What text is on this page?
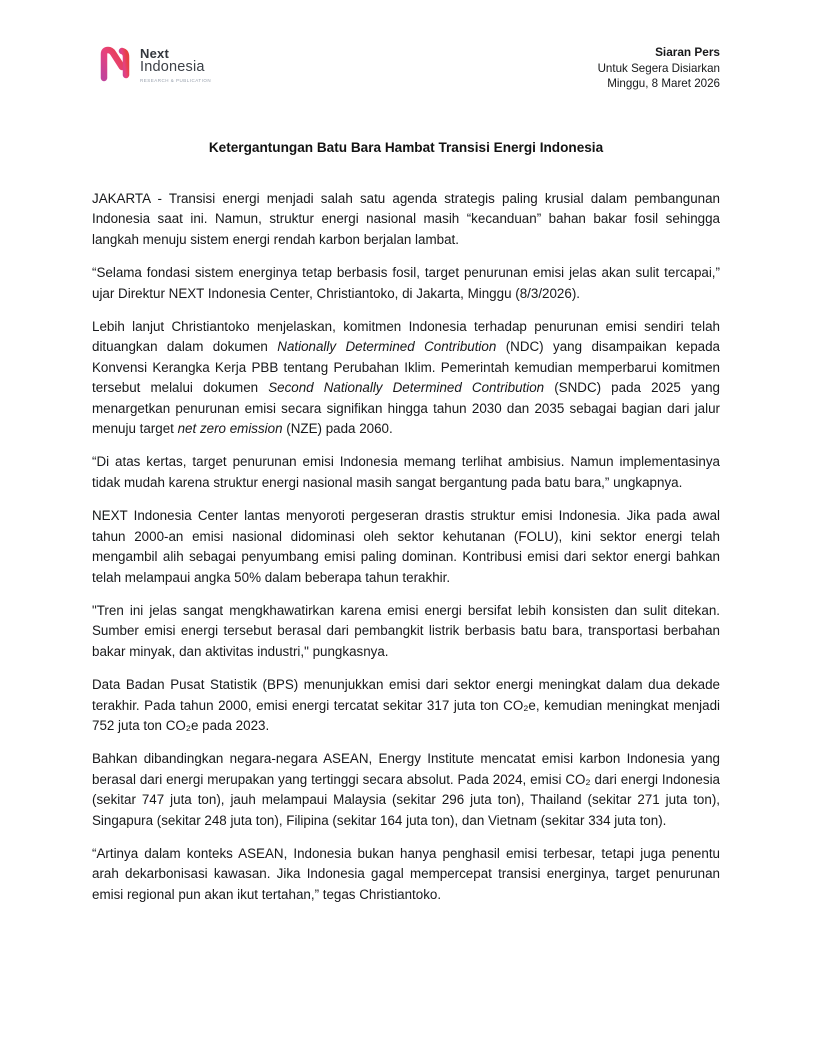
Next
Indonesia
RESEARCH & PUBLICATION
Siaran Pers
Untuk Segera Disiarkan
Minggu, 8 Maret 2026
Ketergantungan Batu Bara Hambat Transisi Energi Indonesia

JAKARTA - Transisi energi menjadi salah satu agenda strategis paling krusial dalam pembangunan Indonesia saat ini. Namun, struktur energi nasional masih “kecanduan” bahan bakar fosil sehingga langkah menuju sistem energi rendah karbon berjalan lambat.

“Selama fondasi sistem energinya tetap berbasis fosil, target penurunan emisi jelas akan sulit tercapai,” ujar Direktur NEXT Indonesia Center, Christiantoko, di Jakarta, Minggu (8/3/2026).

Lebih lanjut Christiantoko menjelaskan, komitmen Indonesia terhadap penurunan emisi sendiri telah dituangkan dalam dokumen Nationally Determined Contribution (NDC) yang disampaikan kepada Konvensi Kerangka Kerja PBB tentang Perubahan Iklim. Pemerintah kemudian memperbarui komitmen tersebut melalui dokumen Second Nationally Determined Contribution (SNDC) pada 2025 yang menargetkan penurunan emisi secara signifikan hingga tahun 2030 dan 2035 sebagai bagian dari jalur menuju target net zero emission (NZE) pada 2060.

“Di atas kertas, target penurunan emisi Indonesia memang terlihat ambisius. Namun implementasinya tidak mudah karena struktur energi nasional masih sangat bergantung pada batu bara,” ungkapnya.

NEXT Indonesia Center lantas menyoroti pergeseran drastis struktur emisi Indonesia. Jika pada awal tahun 2000-an emisi nasional didominasi oleh sektor kehutanan (FOLU), kini sektor energi telah mengambil alih sebagai penyumbang emisi paling dominan. Kontribusi emisi dari sektor energi bahkan telah melampaui angka 50% dalam beberapa tahun terakhir.

"Tren ini jelas sangat mengkhawatirkan karena emisi energi bersifat lebih konsisten dan sulit ditekan. Sumber emisi energi tersebut berasal dari pembangkit listrik berbasis batu bara, transportasi berbahan bakar minyak, dan aktivitas industri," pungkasnya.

Data Badan Pusat Statistik (BPS) menunjukkan emisi dari sektor energi meningkat dalam dua dekade terakhir. Pada tahun 2000, emisi energi tercatat sekitar 317 juta ton CO₂e, kemudian meningkat menjadi 752 juta ton CO₂e pada 2023.

Bahkan dibandingkan negara-negara ASEAN, Energy Institute mencatat emisi karbon Indonesia yang berasal dari energi merupakan yang tertinggi secara absolut. Pada 2024, emisi CO₂ dari energi Indonesia (sekitar 747 juta ton), jauh melampaui Malaysia (sekitar 296 juta ton), Thailand (sekitar 271 juta ton), Singapura (sekitar 248 juta ton), Filipina (sekitar 164 juta ton), dan Vietnam (sekitar 334 juta ton).

“Artinya dalam konteks ASEAN, Indonesia bukan hanya penghasil emisi terbesar, tetapi juga penentu arah dekarbonisasi kawasan. Jika Indonesia gagal mempercepat transisi energinya, target penurunan emisi regional pun akan ikut tertahan,” tegas Christiantoko.
